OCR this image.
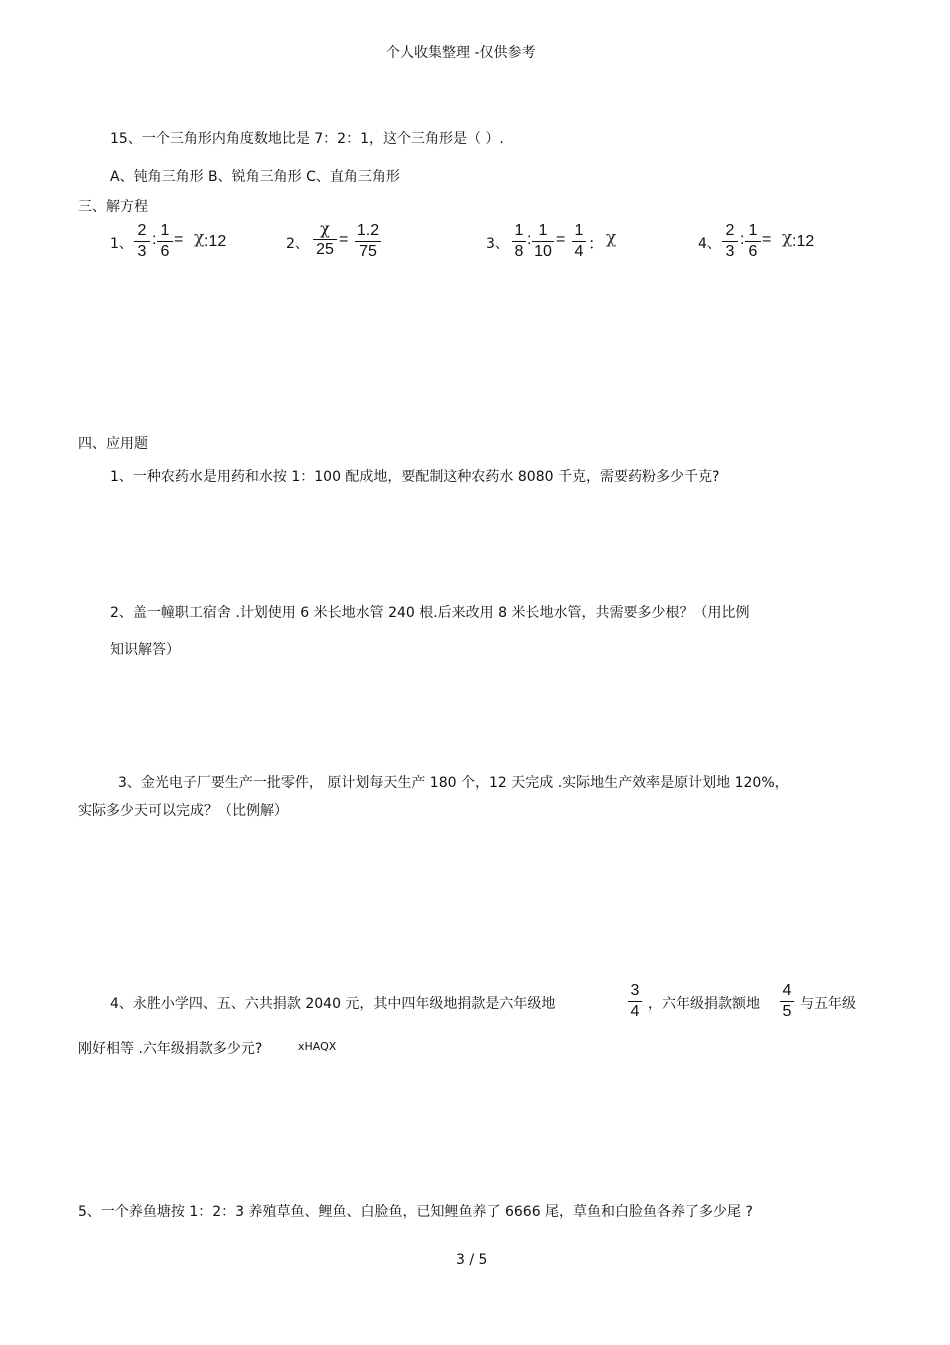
个人收集整理 -仅供参考
15、一个三角形内角度数地比是 7：2：1，这个三角形是（ ）.
A、钝角三角形 B、锐角三角形 C、直角三角形
三、解方程
1、
2
3
:
1
6
= χ :12	2、
χ
25
=
1.2
75	3、
1
8
:
1
10
=
1
4 ： χ	4、
2
3
:
1
6
= χ :12
四、应用题
1、一种农药水是用药和水按 1：100 配成地，要配制这种农药水 8080 千克，需要药粉多少千克?
2、盖一幢职工宿舍 .计划使用 6 米长地水管 240 根.后来改用 8 米长地水管，共需要多少根？（用比例
知识解答）
3、金光电子厂要生产一批零件， 原计划每天生产 180 个，12 天完成 .实际地生产效率是原计划地 120%，
实际多少天可以完成？（比例解）
4、永胜小学四、五、六共捐款 2040 元，其中四年级地捐款是六年级地
3
4 ，六年级捐款额地
4
5 与五年级
刚好相等 .六年级捐款多少元?	xHAQX
5、一个养鱼塘按 1：2：3 养殖草鱼、鲤鱼、白脸鱼，已知鲤鱼养了 6666 尾，草鱼和白脸鱼各养了多少尾 ?
3 / 5
